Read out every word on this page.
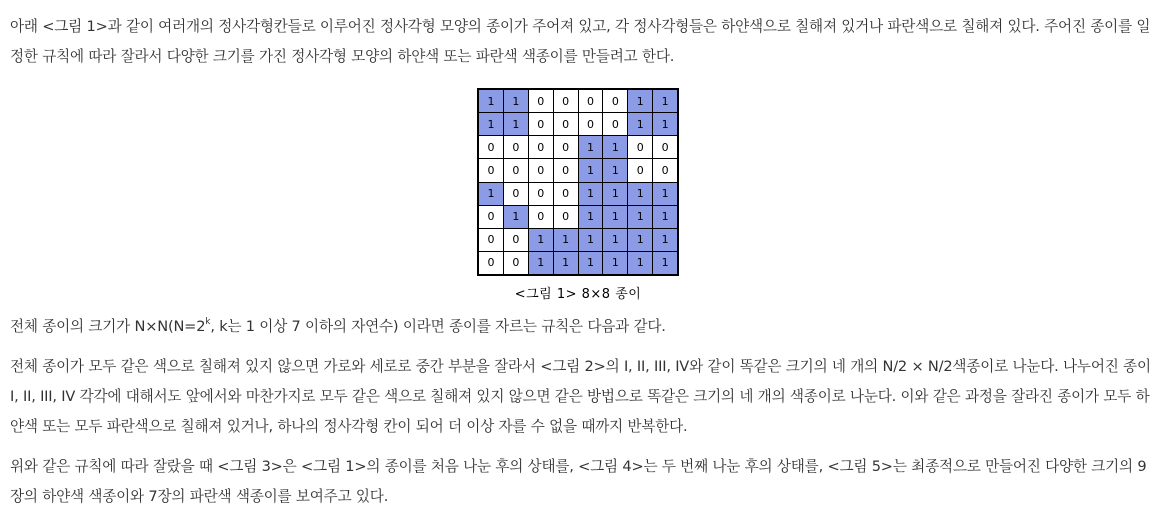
아래 <그림 1>과 같이 여러개의 정사각형칸들로 이루어진 정사각형 모양의 종이가 주어져 있고, 각 정사각형들은 하얀색으로 칠해져 있거나 파란색으로 칠해져 있다. 주어진 종이를 일정한 규칙에 따라 잘라서 다양한 크기를 가진 정사각형 모양의 하얀색 또는 파란색 색종이를 만들려고 한다.

1	1	0	0	0	0	1	1
1	1	0	0	0	0	1	1
0	0	0	0	1	1	0	0
0	0	0	0	1	1	0	0
1	0	0	0	1	1	1	1
0	1	0	0	1	1	1	1
0	0	1	1	1	1	1	1
0	0	1	1	1	1	1	1
<그림 1> 8×8 종이

전체 종이의 크기가 $N\times N(N=2^k$, k는 1 이상 7 이하의 자연수) 이라면 종이를 자르는 규칙은 다음과 같다.

전체 종이가 모두 같은 색으로 칠해져 있지 않으면 가로와 세로로 중간 부분을 잘라서 <그림 2>의 I, II, III, IV와 같이 똑같은 크기의 네 개의 N/2 × N/2색종이로 나눈다. 나누어진 종이 I, II, III, IV 각각에 대해서도 앞에서와 마찬가지로 모두 같은 색으로 칠해져 있지 않으면 같은 방법으로 똑같은 크기의 네 개의 색종이로 나눈다. 이와 같은 과정을 잘라진 종이가 모두 하얀색 또는 모두 파란색으로 칠해져 있거나, 하나의 정사각형 칸이 되어 더 이상 자를 수 없을 때까지 반복한다.

위와 같은 규칙에 따라 잘랐을 때 <그림 3>은 <그림 1>의 종이를 처음 나눈 후의 상태를, <그림 4>는 두 번째 나눈 후의 상태를, <그림 5>는 최종적으로 만들어진 다양한 크기의 9장의 하얀색 색종이와 7장의 파란색 색종이를 보여주고 있다.
